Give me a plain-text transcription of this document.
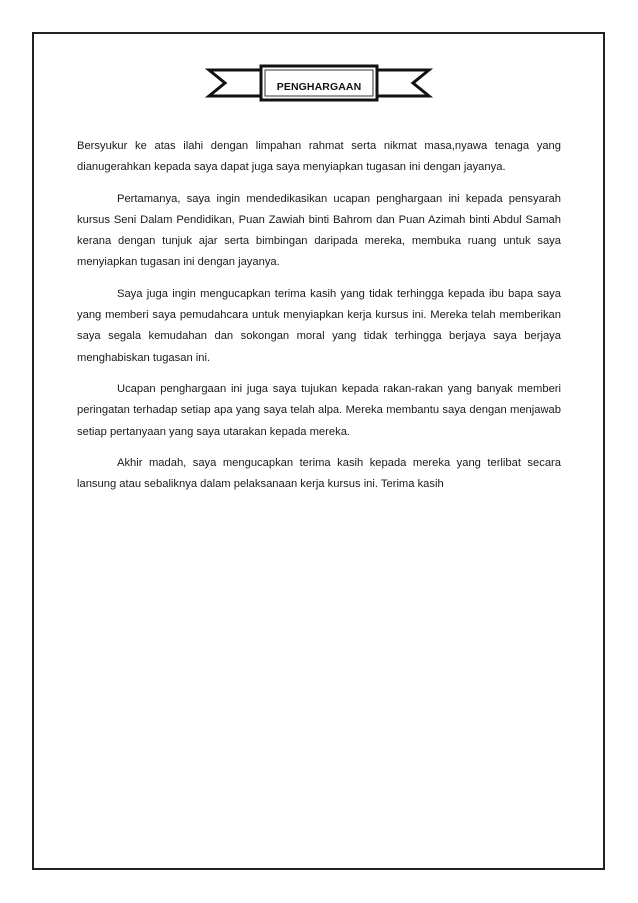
PENGHARGAAN

Bersyukur ke atas ilahi dengan limpahan rahmat serta nikmat masa,nyawa tenaga yang dianugerahkan kepada saya dapat juga saya menyiapkan tugasan ini dengan jayanya.

Pertamanya, saya ingin mendedikasikan ucapan penghargaan ini kepada pensyarah kursus Seni Dalam Pendidikan, Puan Zawiah binti Bahrom dan Puan Azimah binti Abdul Samah kerana dengan tunjuk ajar serta bimbingan daripada mereka, membuka ruang untuk saya menyiapkan tugasan ini dengan jayanya.

Saya juga ingin mengucapkan terima kasih yang tidak terhingga kepada ibu bapa saya yang memberi saya pemudahcara untuk menyiapkan kerja kursus ini. Mereka telah memberikan saya segala kemudahan dan sokongan moral yang tidak terhingga berjaya saya berjaya menghabiskan tugasan ini.

Ucapan penghargaan ini juga saya tujukan kepada rakan-rakan yang banyak memberi peringatan terhadap setiap apa yang saya telah alpa. Mereka membantu saya dengan menjawab setiap pertanyaan yang saya utarakan kepada mereka.

Akhir madah, saya mengucapkan terima kasih kepada mereka yang terlibat secara lansung atau sebaliknya dalam pelaksanaan kerja kursus ini. Terima kasih
